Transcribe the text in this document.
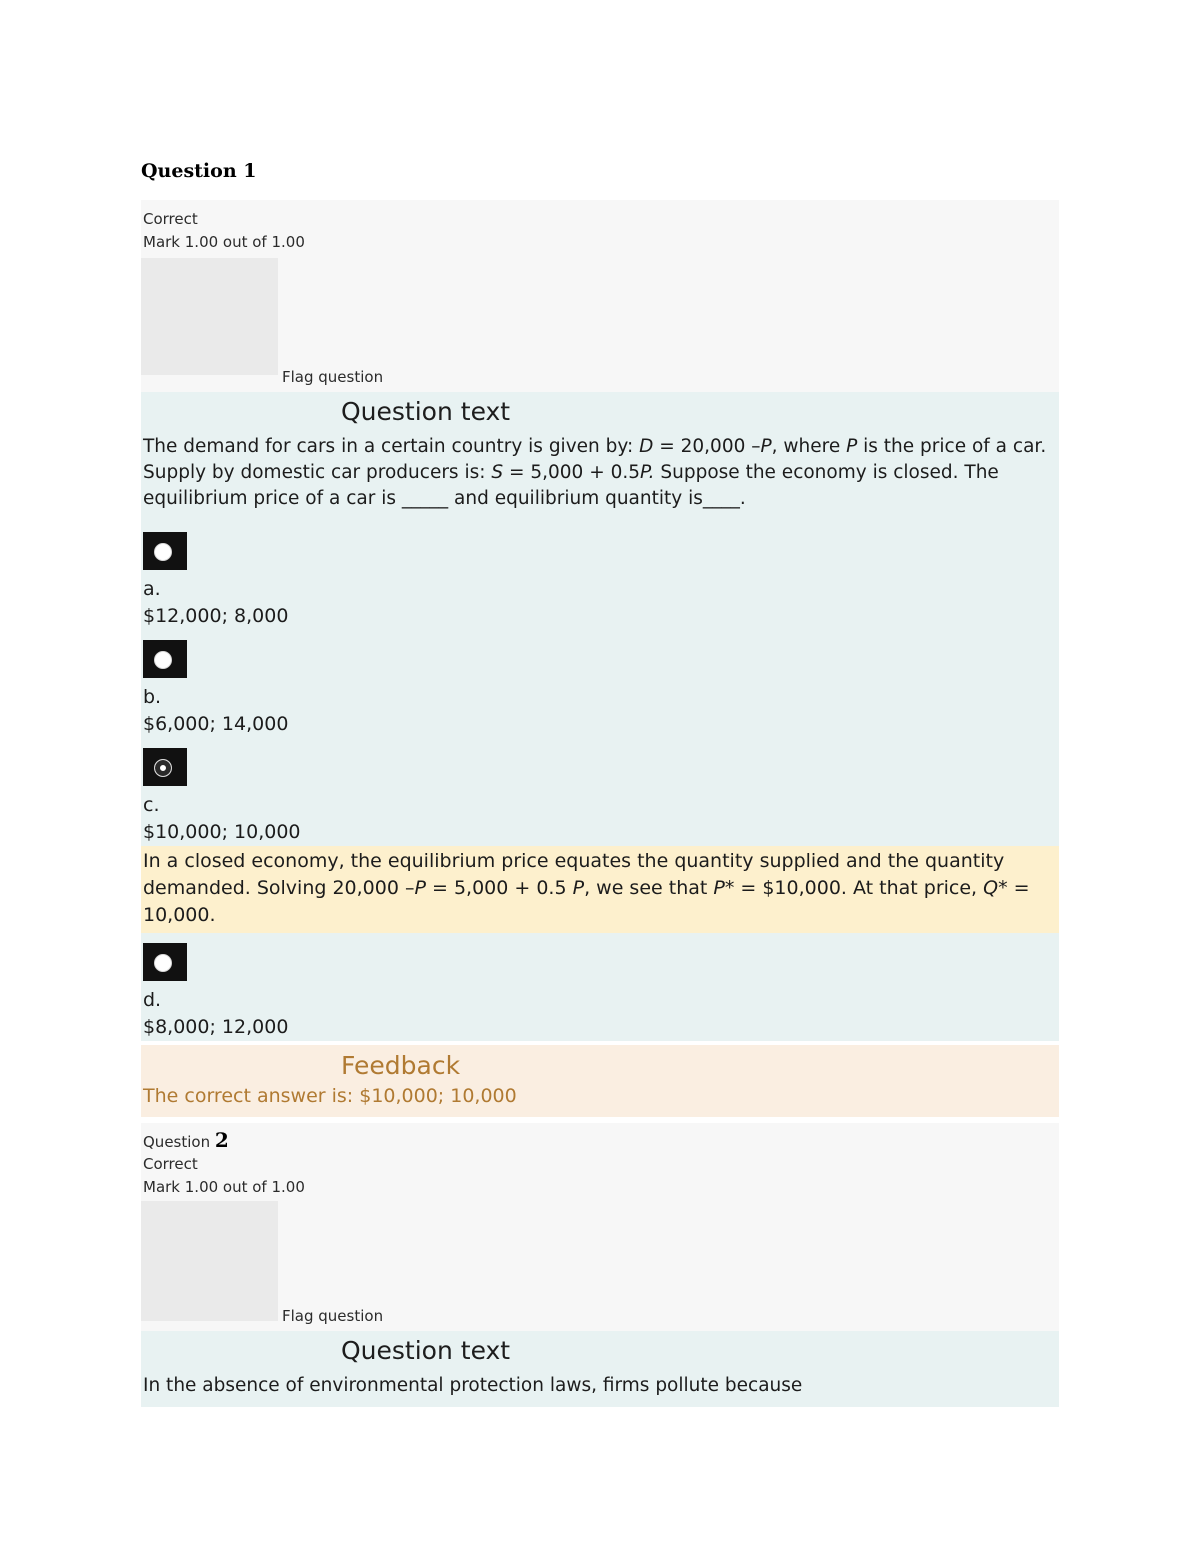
Question 1
Correct
Mark 1.00 out of 1.00
Flag question
Question text
The demand for cars in a certain country is given by: D = 20,000 –P, where P is the price of a car. Supply by domestic car producers is: S = 5,000 + 0.5P. Suppose the economy is closed. The equilibrium price of a car is _____ and equilibrium quantity is____.
a.
$12,000; 8,000
b.
$6,000; 14,000
c.
$10,000; 10,000
In a closed economy, the equilibrium price equates the quantity supplied and the quantity demanded. Solving 20,000 –P = 5,000 + 0.5 P, we see that P* = $10,000. At that price, Q* = 10,000.
d.
$8,000; 12,000
Feedback
The correct answer is: $10,000; 10,000
Question 2
Correct
Mark 1.00 out of 1.00
Flag question
Question text
In the absence of environmental protection laws, firms pollute because
